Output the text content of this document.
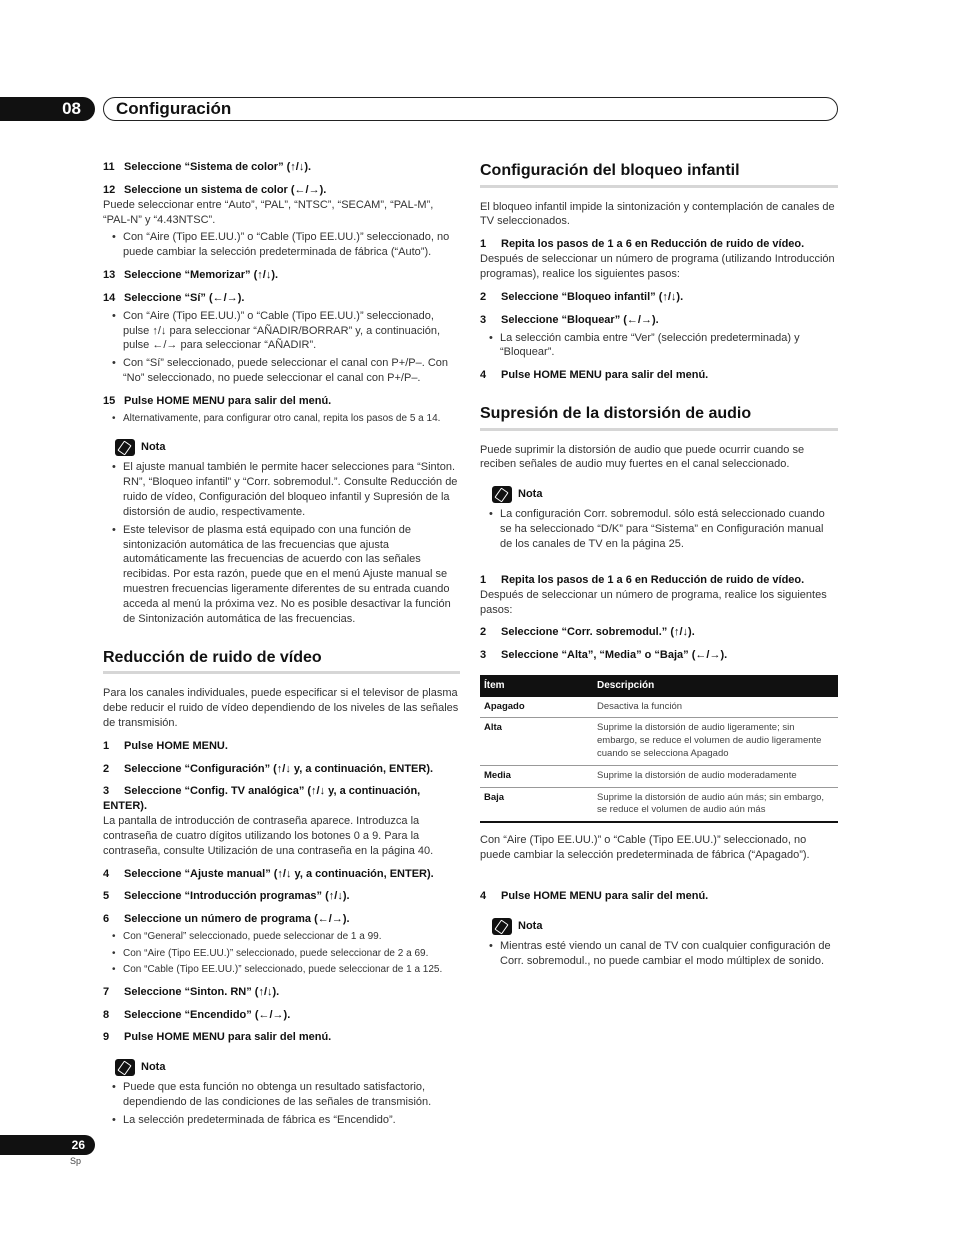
08	Configuración
11 Seleccione “Sistema de color” (↑/↓).
12 Seleccione un sistema de color (←/→).

Puede seleccionar entre “Auto”, “PAL”, “NTSC”, “SECAM”, “PAL-M”, “PAL-N” y “4.43NTSC”.

• Con “Aire (Tipo EE.UU.)” o “Cable (Tipo EE.UU.)” seleccionado, no puede cambiar la selección predeterminada de fábrica (“Auto”).
13 Seleccione “Memorizar” (↑/↓).
14 Seleccione “Sí” (←/→).
• Con “Aire (Tipo EE.UU.)” o “Cable (Tipo EE.UU.)” seleccionado, pulse ↑/↓ para seleccionar “AÑADIR/BORRAR” y, a continuación, pulse ←/→ para seleccionar “AÑADIR”.
• Con “Sí” seleccionado, puede seleccionar el canal con P+/P–. Con “No” seleccionado, no puede seleccionar el canal con P+/P–.
15 Pulse HOME MENU para salir del menú.
• Alternativamente, para configurar otro canal, repita los pasos de 5 a 14.
Nota
• El ajuste manual también le permite hacer selecciones para “Sinton. RN”, “Bloqueo infantil” y “Corr. sobremodul.”. Consulte Reducción de ruido de vídeo, Configuración del bloqueo infantil y Supresión de la distorsión de audio, respectivamente.
• Este televisor de plasma está equipado con una función de sintonización automática de las frecuencias que ajusta automáticamente las frecuencias de acuerdo con las señales recibidas. Por esta razón, puede que en el menú Ajuste manual se muestren frecuencias ligeramente diferentes de su entrada cuando acceda al menú la próxima vez. No es posible desactivar la función de Sintonización automática de las frecuencias.
Reducción de ruido de vídeo

Para los canales individuales, puede especificar si el televisor de plasma debe reducir el ruido de vídeo dependiendo de los niveles de las señales de transmisión.

1 Pulse HOME MENU.
2 Seleccione “Configuración” (↑/↓ y, a continuación, ENTER).
3 Seleccione “Config. TV analógica” (↑/↓ y, a continuación, ENTER).

La pantalla de introducción de contraseña aparece. Introduzca la contraseña de cuatro dígitos utilizando los botones 0 a 9. Para la contraseña, consulte Utilización de una contraseña en la página 40.

4 Seleccione “Ajuste manual” (↑/↓ y, a continuación, ENTER).
5 Seleccione “Introducción programas” (↑/↓).
6 Seleccione un número de programa (←/→).
• Con “General” seleccionado, puede seleccionar de 1 a 99.
• Con “Aire (Tipo EE.UU.)” seleccionado, puede seleccionar de 2 a 69.
• Con “Cable (Tipo EE.UU.)” seleccionado, puede seleccionar de 1 a 125.
7 Seleccione “Sinton. RN” (↑/↓).
8 Seleccione “Encendido” (←/→).
9 Pulse HOME MENU para salir del menú.
Nota
• Puede que esta función no obtenga un resultado satisfactorio, dependiendo de las condiciones de las señales de transmisión.
• La selección predeterminada de fábrica es “Encendido”.
Configuración del bloqueo infantil

El bloqueo infantil impide la sintonización y contemplación de canales de TV seleccionados.

1 Repita los pasos de 1 a 6 en Reducción de ruido de vídeo.

Después de seleccionar un número de programa (utilizando Introducción programas), realice los siguientes pasos:

2 Seleccione “Bloqueo infantil” (↑/↓).
3 Seleccione “Bloquear” (←/→).
• La selección cambia entre “Ver” (selección predeterminada) y “Bloquear”.
4 Pulse HOME MENU para salir del menú.
Supresión de la distorsión de audio

Puede suprimir la distorsión de audio que puede ocurrir cuando se reciben señales de audio muy fuertes en el canal seleccionado.

Nota
• La configuración Corr. sobremodul. sólo está seleccionado cuando se ha seleccionado “D/K” para “Sistema” en Configuración manual de los canales de TV en la página 25.
1 Repita los pasos de 1 a 6 en Reducción de ruido de vídeo.

Después de seleccionar un número de programa, realice los siguientes pasos:

2 Seleccione “Corr. sobremodul.” (↑/↓).
3 Seleccione “Alta”, “Media” o “Baja” (←/→).
Ítem	Descripción
Apagado	Desactiva la función
Alta	Suprime la distorsión de audio ligeramente; sin embargo, se reduce el volumen de audio ligeramente cuando se selecciona Apagado
Media	Suprime la distorsión de audio moderadamente
Baja	Suprime la distorsión de audio aún más; sin embargo, se reduce el volumen de audio aún más

Con “Aire (Tipo EE.UU.)” o “Cable (Tipo EE.UU.)” seleccionado, no puede cambiar la selección predeterminada de fábrica (“Apagado”).

4 Pulse HOME MENU para salir del menú.
Nota
• Mientras esté viendo un canal de TV con cualquier configuración de Corr. sobremodul., no puede cambiar el modo múltiplex de sonido.
26
Sp
